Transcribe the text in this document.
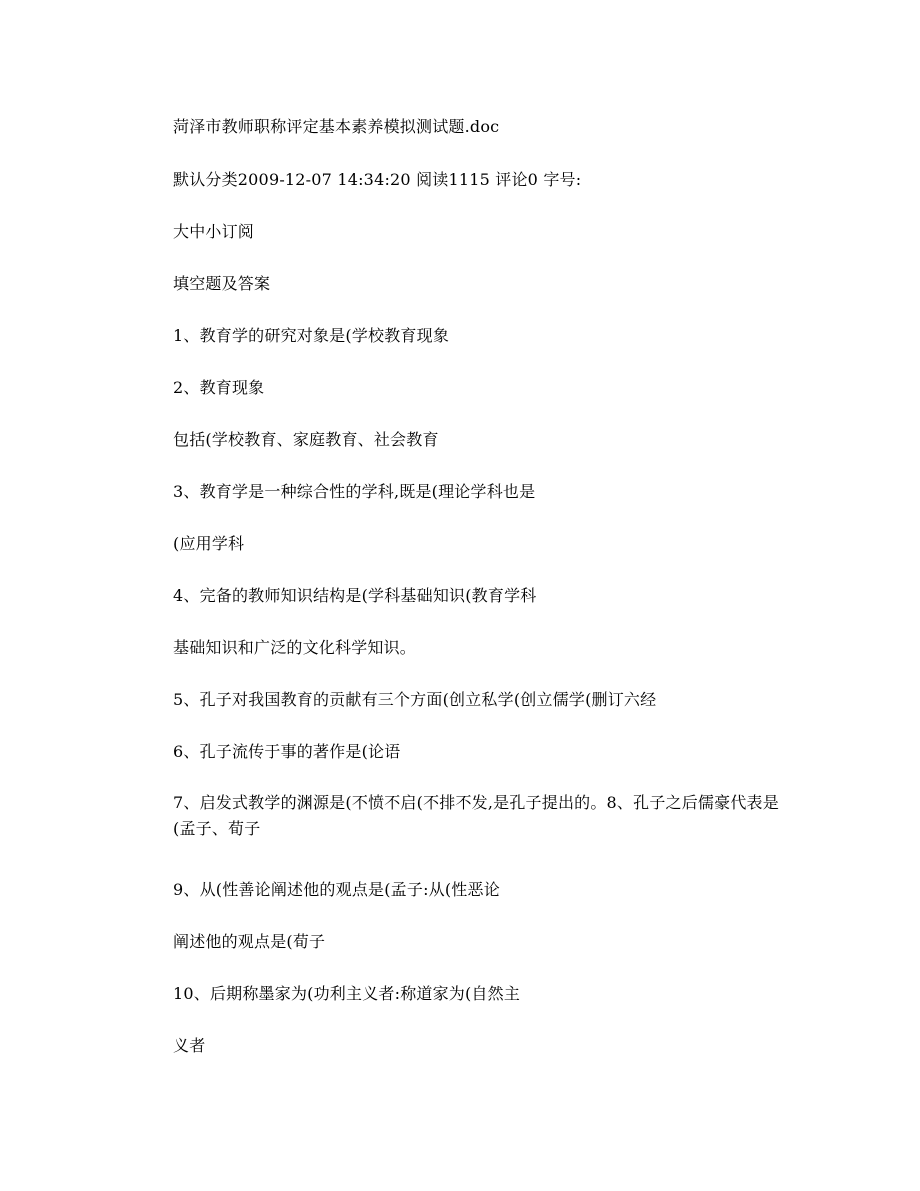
菏泽市教师职称评定基本素养模拟测试题.doc
默认分类2009-12-07 14:34:20 阅读1115 评论0 字号:
大中小订阅
填空题及答案
1、教育学的研究对象是(学校教育现象
2、教育现象
包括(学校教育、家庭教育、社会教育
3、教育学是一种综合性的学科,既是(理论学科也是
(应用学科
4、完备的教师知识结构是(学科基础知识(教育学科
基础知识和广泛的文化科学知识。
5、孔子对我国教育的贡献有三个方面(创立私学(创立儒学(删订六经
6、孔子流传于事的著作是(论语
7、启发式教学的渊源是(不愤不启(不排不发,是孔子提出的。8、孔子之后儒豪代表是(孟子、荀子
9、从(性善论阐述他的观点是(孟子:从(性恶论
阐述他的观点是(荀子
10、后期称墨家为(功利主义者:称道家为(自然主
义者
